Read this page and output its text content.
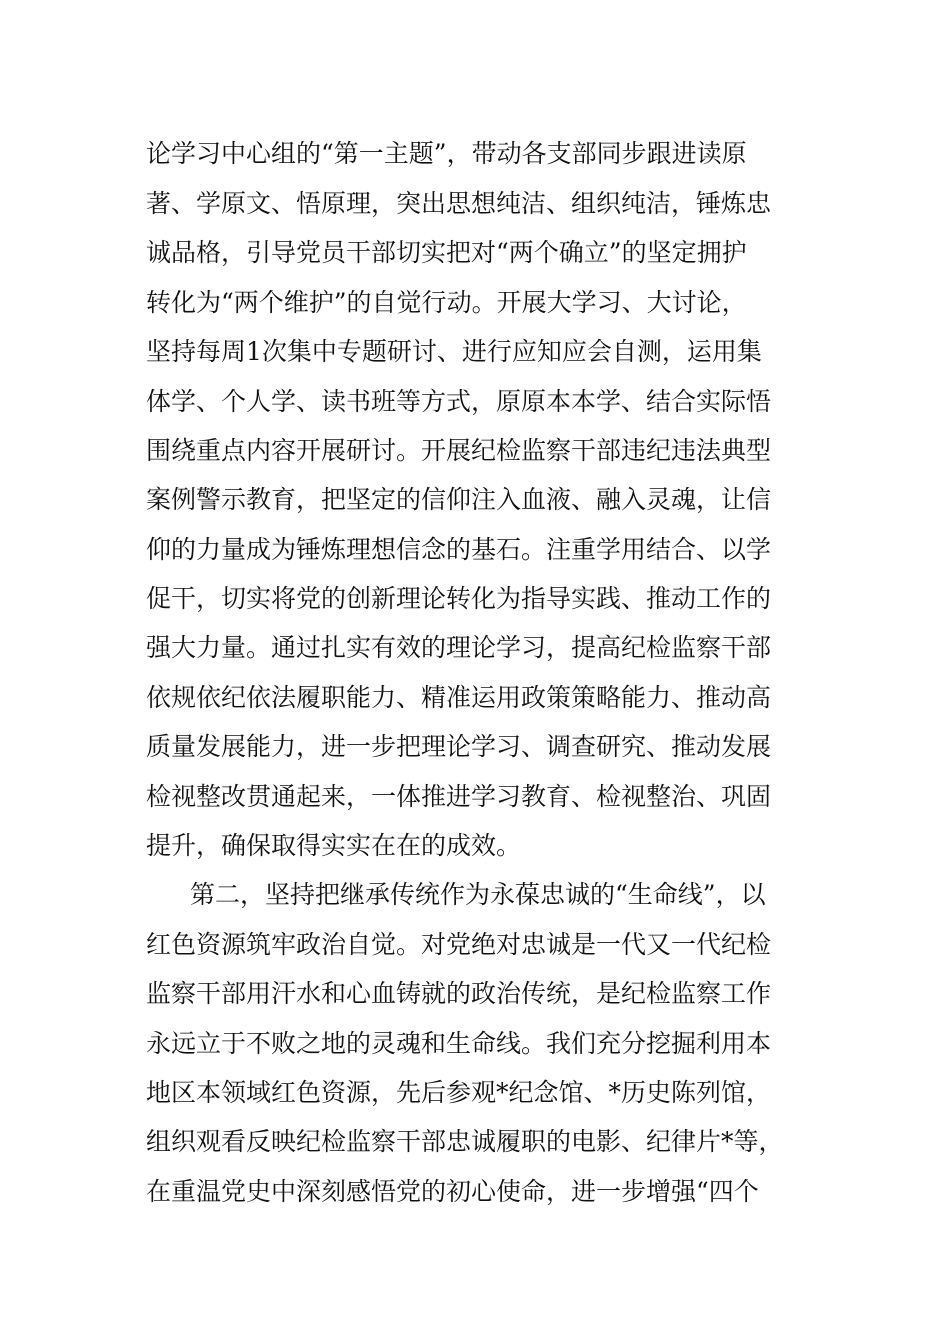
论学习中心组的“第一主题”，带动各支部同步跟进读原
著、学原文、悟原理，突出思想纯洁、组织纯洁，锤炼忠
诚品格，引导党员干部切实把对“两个确立”的坚定拥护
转化为“两个维护”的自觉行动。开展大学习、大讨论，
坚持每周1次集中专题研讨、进行应知应会自测，运用集
体学、个人学、读书班等方式，原原本本学、结合实际悟
围绕重点内容开展研讨。开展纪检监察干部违纪违法典型
案例警示教育，把坚定的信仰注入血液、融入灵魂，让信
仰的力量成为锤炼理想信念的基石。注重学用结合、以学
促干，切实将党的创新理论转化为指导实践、推动工作的
强大力量。通过扎实有效的理论学习，提高纪检监察干部
依规依纪依法履职能力、精准运用政策策略能力、推动高
质量发展能力，进一步把理论学习、调查研究、推动发展
检视整改贯通起来，一体推进学习教育、检视整治、巩固
提升，确保取得实实在在的成效。
第二，坚持把继承传统作为永葆忠诚的“生命线”，以
红色资源筑牢政治自觉。对党绝对忠诚是一代又一代纪检
监察干部用汗水和心血铸就的政治传统，是纪检监察工作
永远立于不败之地的灵魂和生命线。我们充分挖掘利用本
地区本领域红色资源，先后参观*纪念馆、*历史陈列馆，
组织观看反映纪检监察干部忠诚履职的电影、纪律片*等，
在重温党史中深刻感悟党的初心使命，进一步增强“四个
